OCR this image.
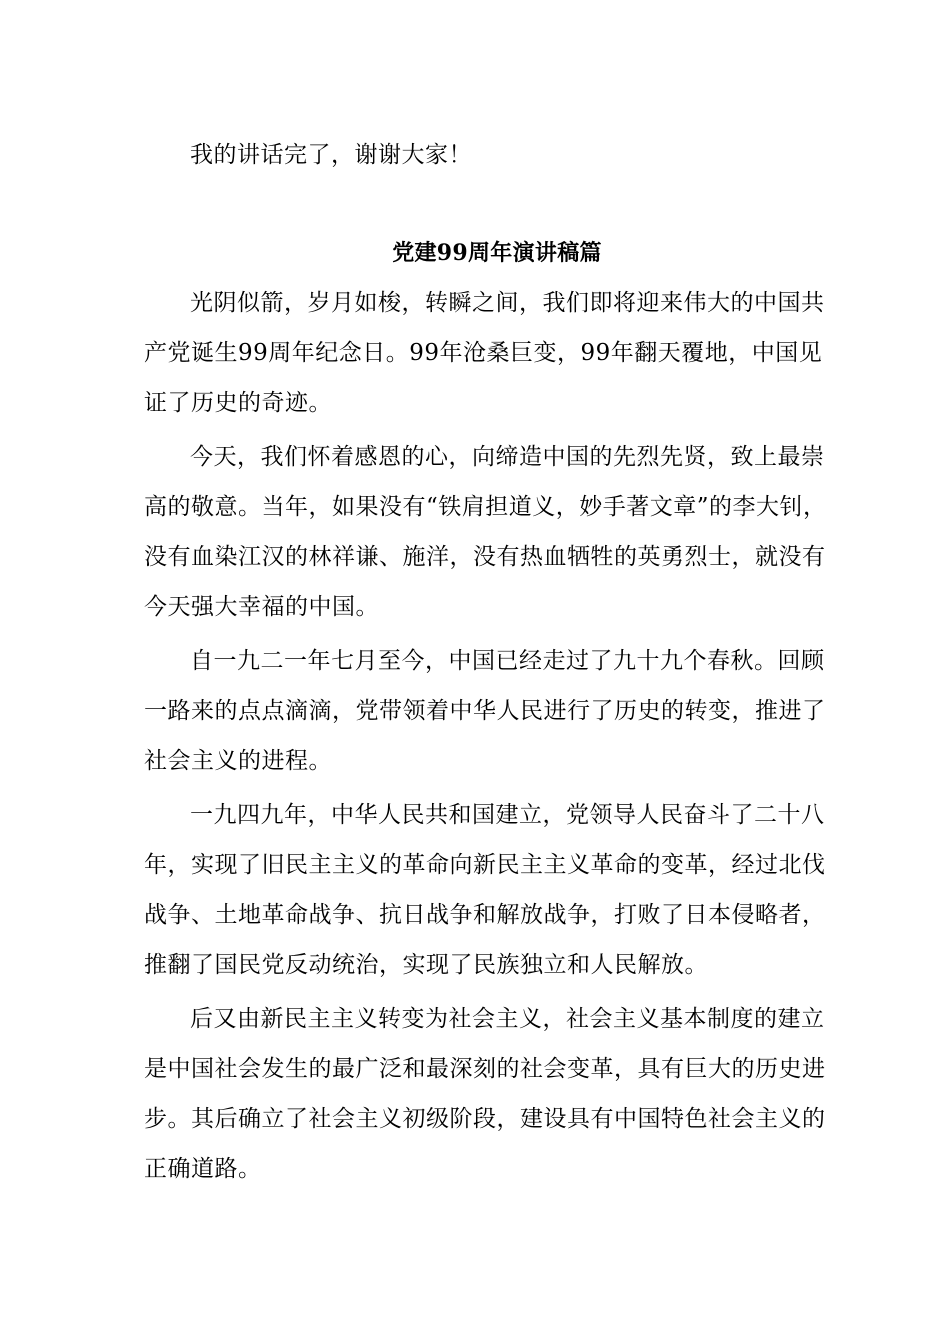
我的讲话完了，谢谢大家！
党建99周年演讲稿篇
光阴似箭，岁月如梭，转瞬之间，我们即将迎来伟大的中国共
产党诞生99周年纪念日。99年沧桑巨变，99年翻天覆地，中国见
证了历史的奇迹。
今天，我们怀着感恩的心，向缔造中国的先烈先贤，致上最崇
高的敬意。当年，如果没有“铁肩担道义，妙手著文章”的李大钊，
没有血染江汉的林祥谦、施洋，没有热血牺牲的英勇烈士，就没有
今天强大幸福的中国。
自一九二一年七月至今，中国已经走过了九十九个春秋。回顾
一路来的点点滴滴，党带领着中华人民进行了历史的转变，推进了
社会主义的进程。
一九四九年，中华人民共和国建立，党领导人民奋斗了二十八
年，实现了旧民主主义的革命向新民主主义革命的变革，经过北伐
战争、土地革命战争、抗日战争和解放战争，打败了日本侵略者，
推翻了国民党反动统治，实现了民族独立和人民解放。
后又由新民主主义转变为社会主义，社会主义基本制度的建立
是中国社会发生的最广泛和最深刻的社会变革，具有巨大的历史进
步。其后确立了社会主义初级阶段，建设具有中国特色社会主义的
正确道路。
